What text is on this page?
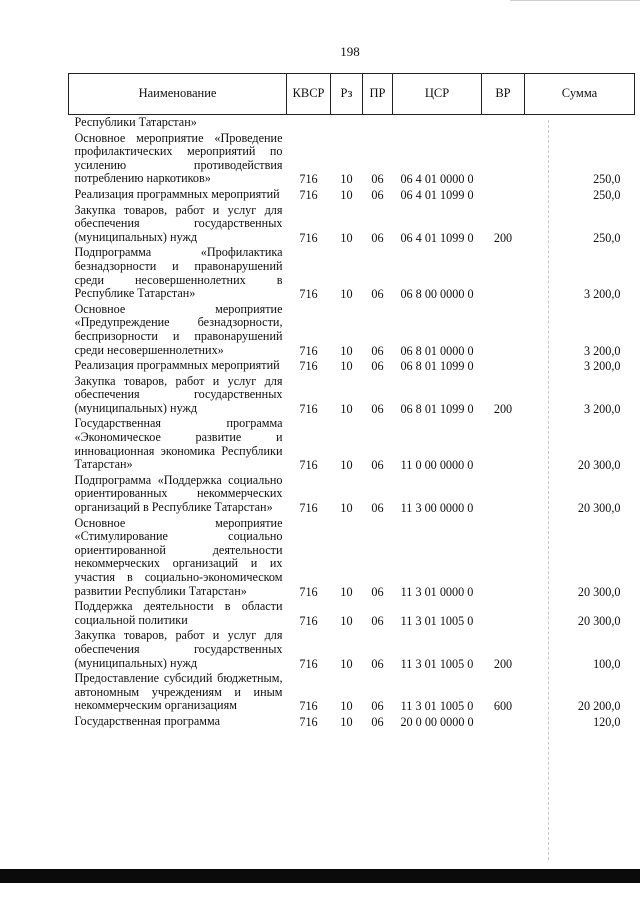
198
Наименование	КВСР	Рз	ПР	ЦСР	ВР	Сумма
Республики Татарстан»						
Основное мероприятие «Проведение профилактических мероприятий по усилению противодействия потреблению наркотиков»	716	10	06	06 4 01 0000 0		250,0
Реализация программных мероприятий	716	10	06	06 4 01 1099 0		250,0
Закупка товаров, работ и услуг для обеспечения государственных (муниципальных) нужд	716	10	06	06 4 01 1099 0	200	250,0
Подпрограмма «Профилактика безнадзорности и правонарушений среди несовершеннолетних в Республике Татарстан»	716	10	06	06 8 00 0000 0		3 200,0
Основное мероприятие «Предупреждение безнадзорности, беспризорности и правонарушений среди несовершеннолетних»	716	10	06	06 8 01 0000 0		3 200,0
Реализация программных мероприятий	716	10	06	06 8 01 1099 0		3 200,0
Закупка товаров, работ и услуг для обеспечения государственных (муниципальных) нужд	716	10	06	06 8 01 1099 0	200	3 200,0
Государственная программа «Экономическое развитие и инновационная экономика Республики Татарстан»	716	10	06	11 0 00 0000 0		20 300,0
Подпрограмма «Поддержка социально ориентированных некоммерческих организаций в Республике Татарстан»	716	10	06	11 3 00 0000 0		20 300,0
Основное мероприятие «Стимулирование социально ориентированной деятельности некоммерческих организаций и их участия в социально-экономическом развитии Республики Татарстан»	716	10	06	11 3 01 0000 0		20 300,0
Поддержка деятельности в области социальной политики	716	10	06	11 3 01 1005 0		20 300,0
Закупка товаров, работ и услуг для обеспечения государственных (муниципальных) нужд	716	10	06	11 3 01 1005 0	200	100,0
Предоставление субсидий бюджетным, автономным учреждениям и иным некоммерческим организациям	716	10	06	11 3 01 1005 0	600	20 200,0
Государственная программа	716	10	06	20 0 00 0000 0		120,0
